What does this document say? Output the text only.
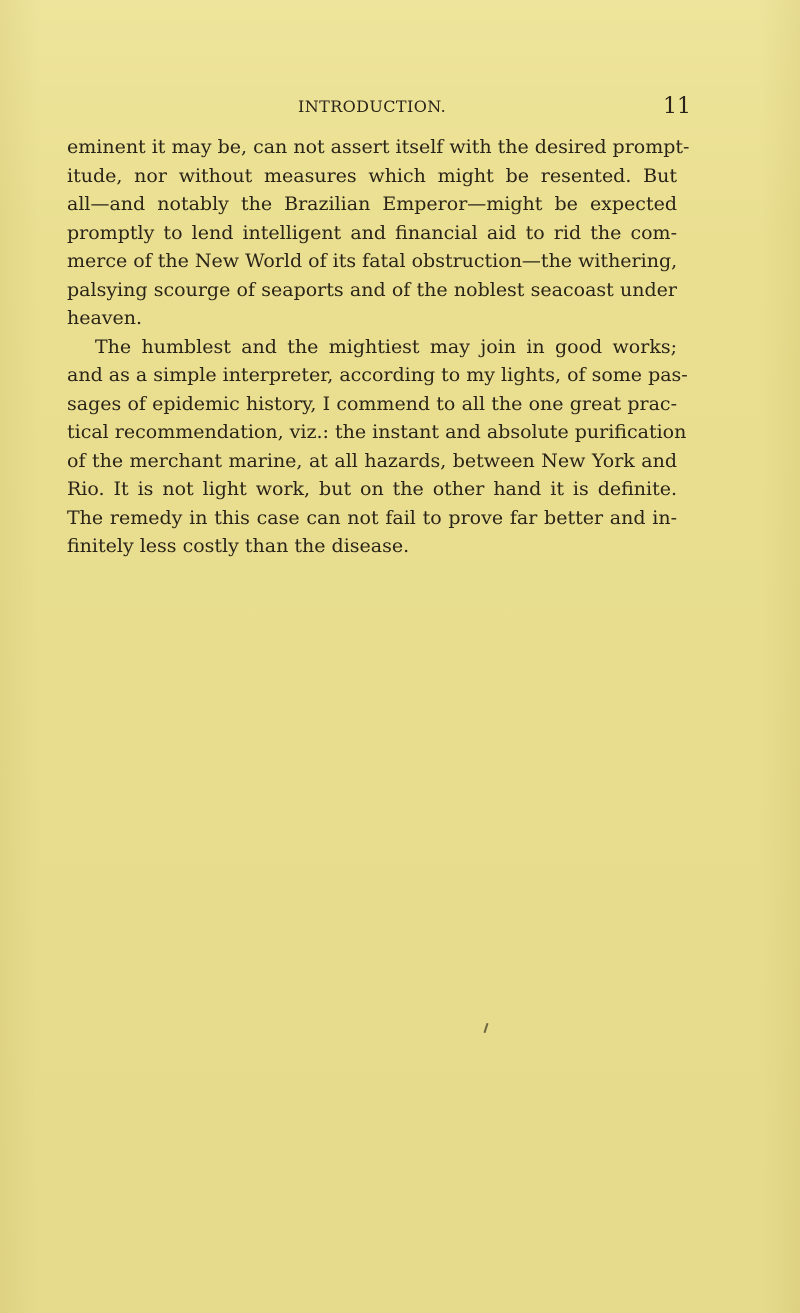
INTRODUCTION.	11
eminent it may be, can not assert itself with the desired prompt-
itude, nor without measures which might be resented. But
all—and notably the Brazilian Emperor—might be expected
promptly to lend intelligent and financial aid to rid the com-
merce of the New World of its fatal obstruction—the withering,
palsying scourge of seaports and of the noblest seacoast under
heaven.
The humblest and the mightiest may join in good works;
and as a simple interpreter, according to my lights, of some pas-
sages of epidemic history, I commend to all the one great prac-
tical recommendation, viz.: the instant and absolute purification
of the merchant marine, at all hazards, between New York and
Rio. It is not light work, but on the other hand it is definite.
The remedy in this case can not fail to prove far better and in-
finitely less costly than the disease.
